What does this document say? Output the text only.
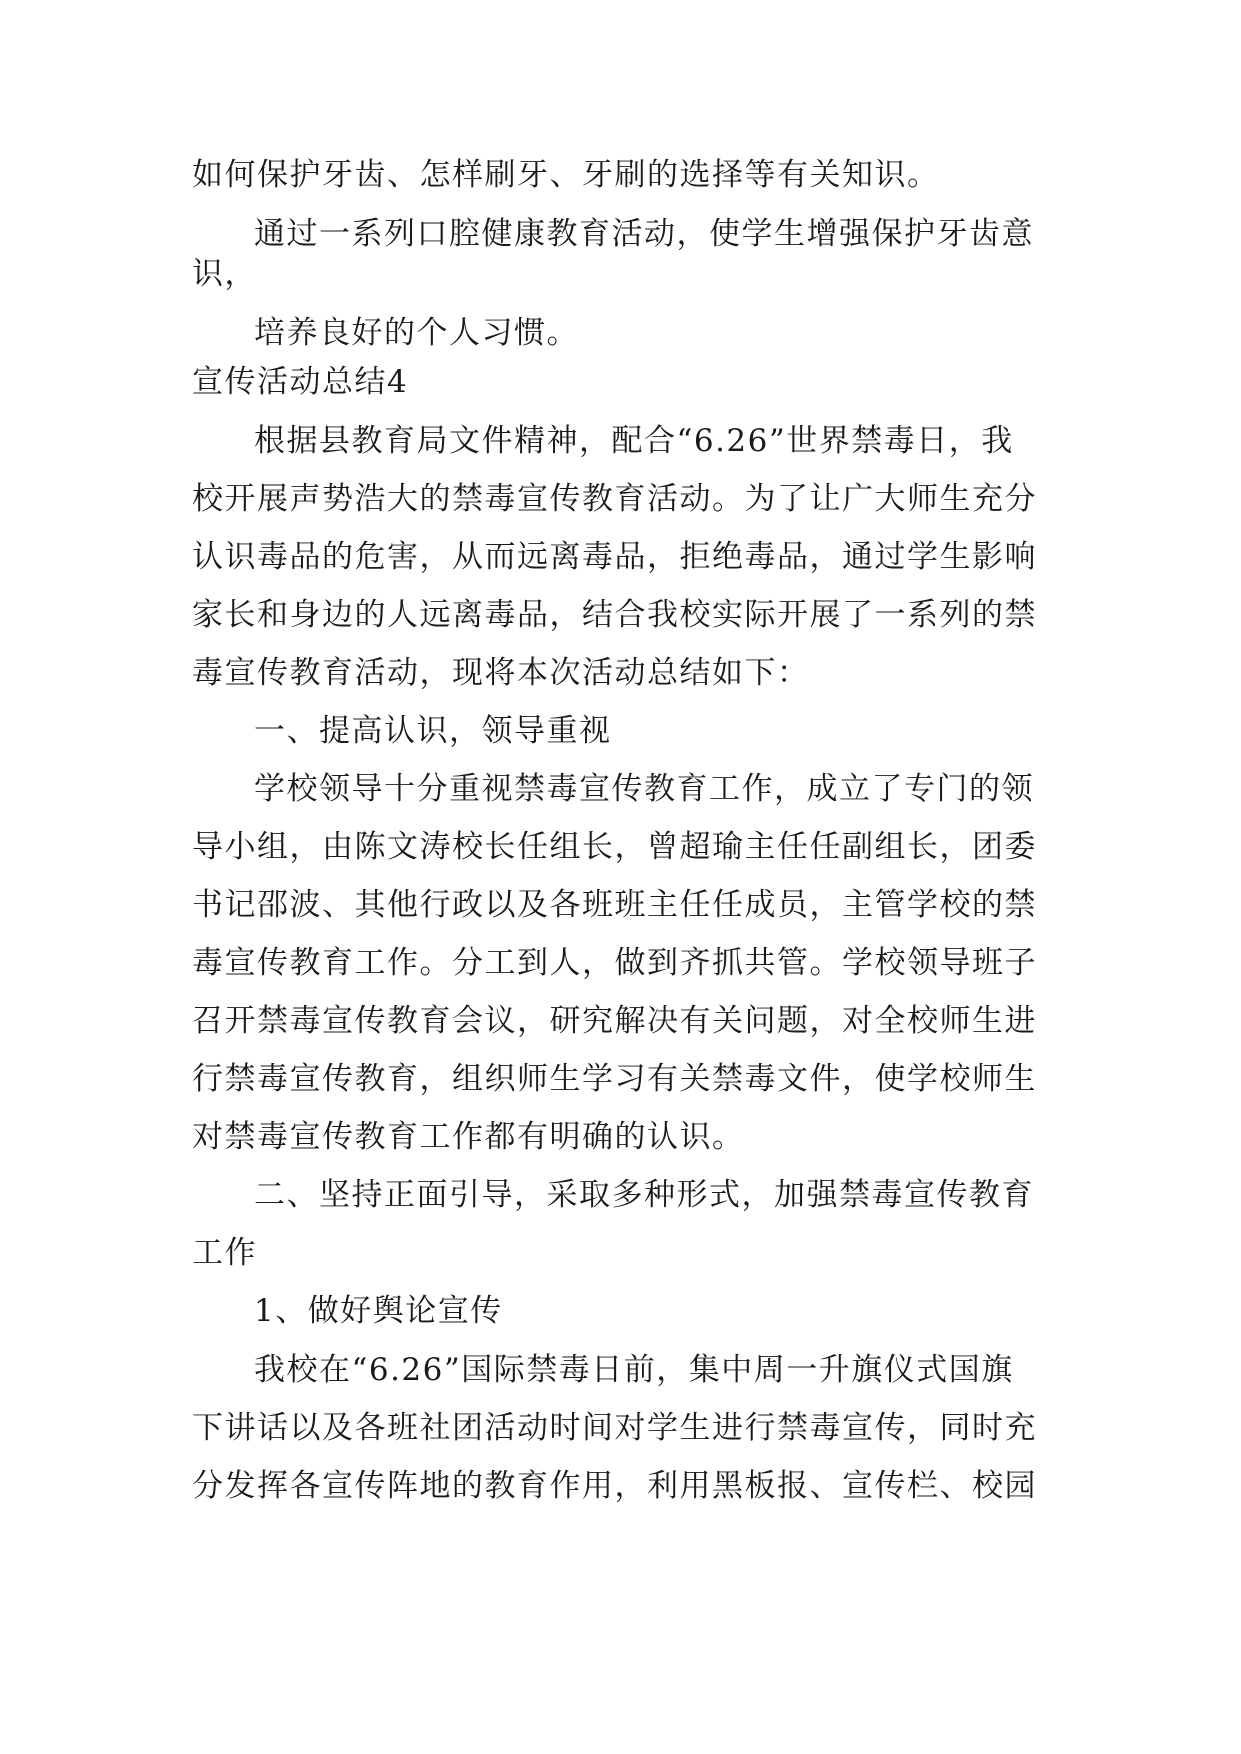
如何保护牙齿、怎样刷牙、牙刷的选择等有关知识。
通过一系列口腔健康教育活动，使学生增强保护牙齿意
识，
培养良好的个人习惯。
宣传活动总结4
根据县教育局文件精神，配合“6.26”世界禁毒日，我
校开展声势浩大的禁毒宣传教育活动。为了让广大师生充分
认识毒品的危害，从而远离毒品，拒绝毒品，通过学生影响
家长和身边的人远离毒品，结合我校实际开展了一系列的禁
毒宣传教育活动，现将本次活动总结如下：
一、提高认识，领导重视
学校领导十分重视禁毒宣传教育工作，成立了专门的领
导小组，由陈文涛校长任组长，曾超瑜主任任副组长，团委
书记邵波、其他行政以及各班班主任任成员，主管学校的禁
毒宣传教育工作。分工到人，做到齐抓共管。学校领导班子
召开禁毒宣传教育会议，研究解决有关问题，对全校师生进
行禁毒宣传教育，组织师生学习有关禁毒文件，使学校师生
对禁毒宣传教育工作都有明确的认识。
二、坚持正面引导，采取多种形式，加强禁毒宣传教育
工作
1、做好舆论宣传
我校在“6.26”国际禁毒日前，集中周一升旗仪式国旗
下讲话以及各班社团活动时间对学生进行禁毒宣传，同时充
分发挥各宣传阵地的教育作用，利用黑板报、宣传栏、校园
